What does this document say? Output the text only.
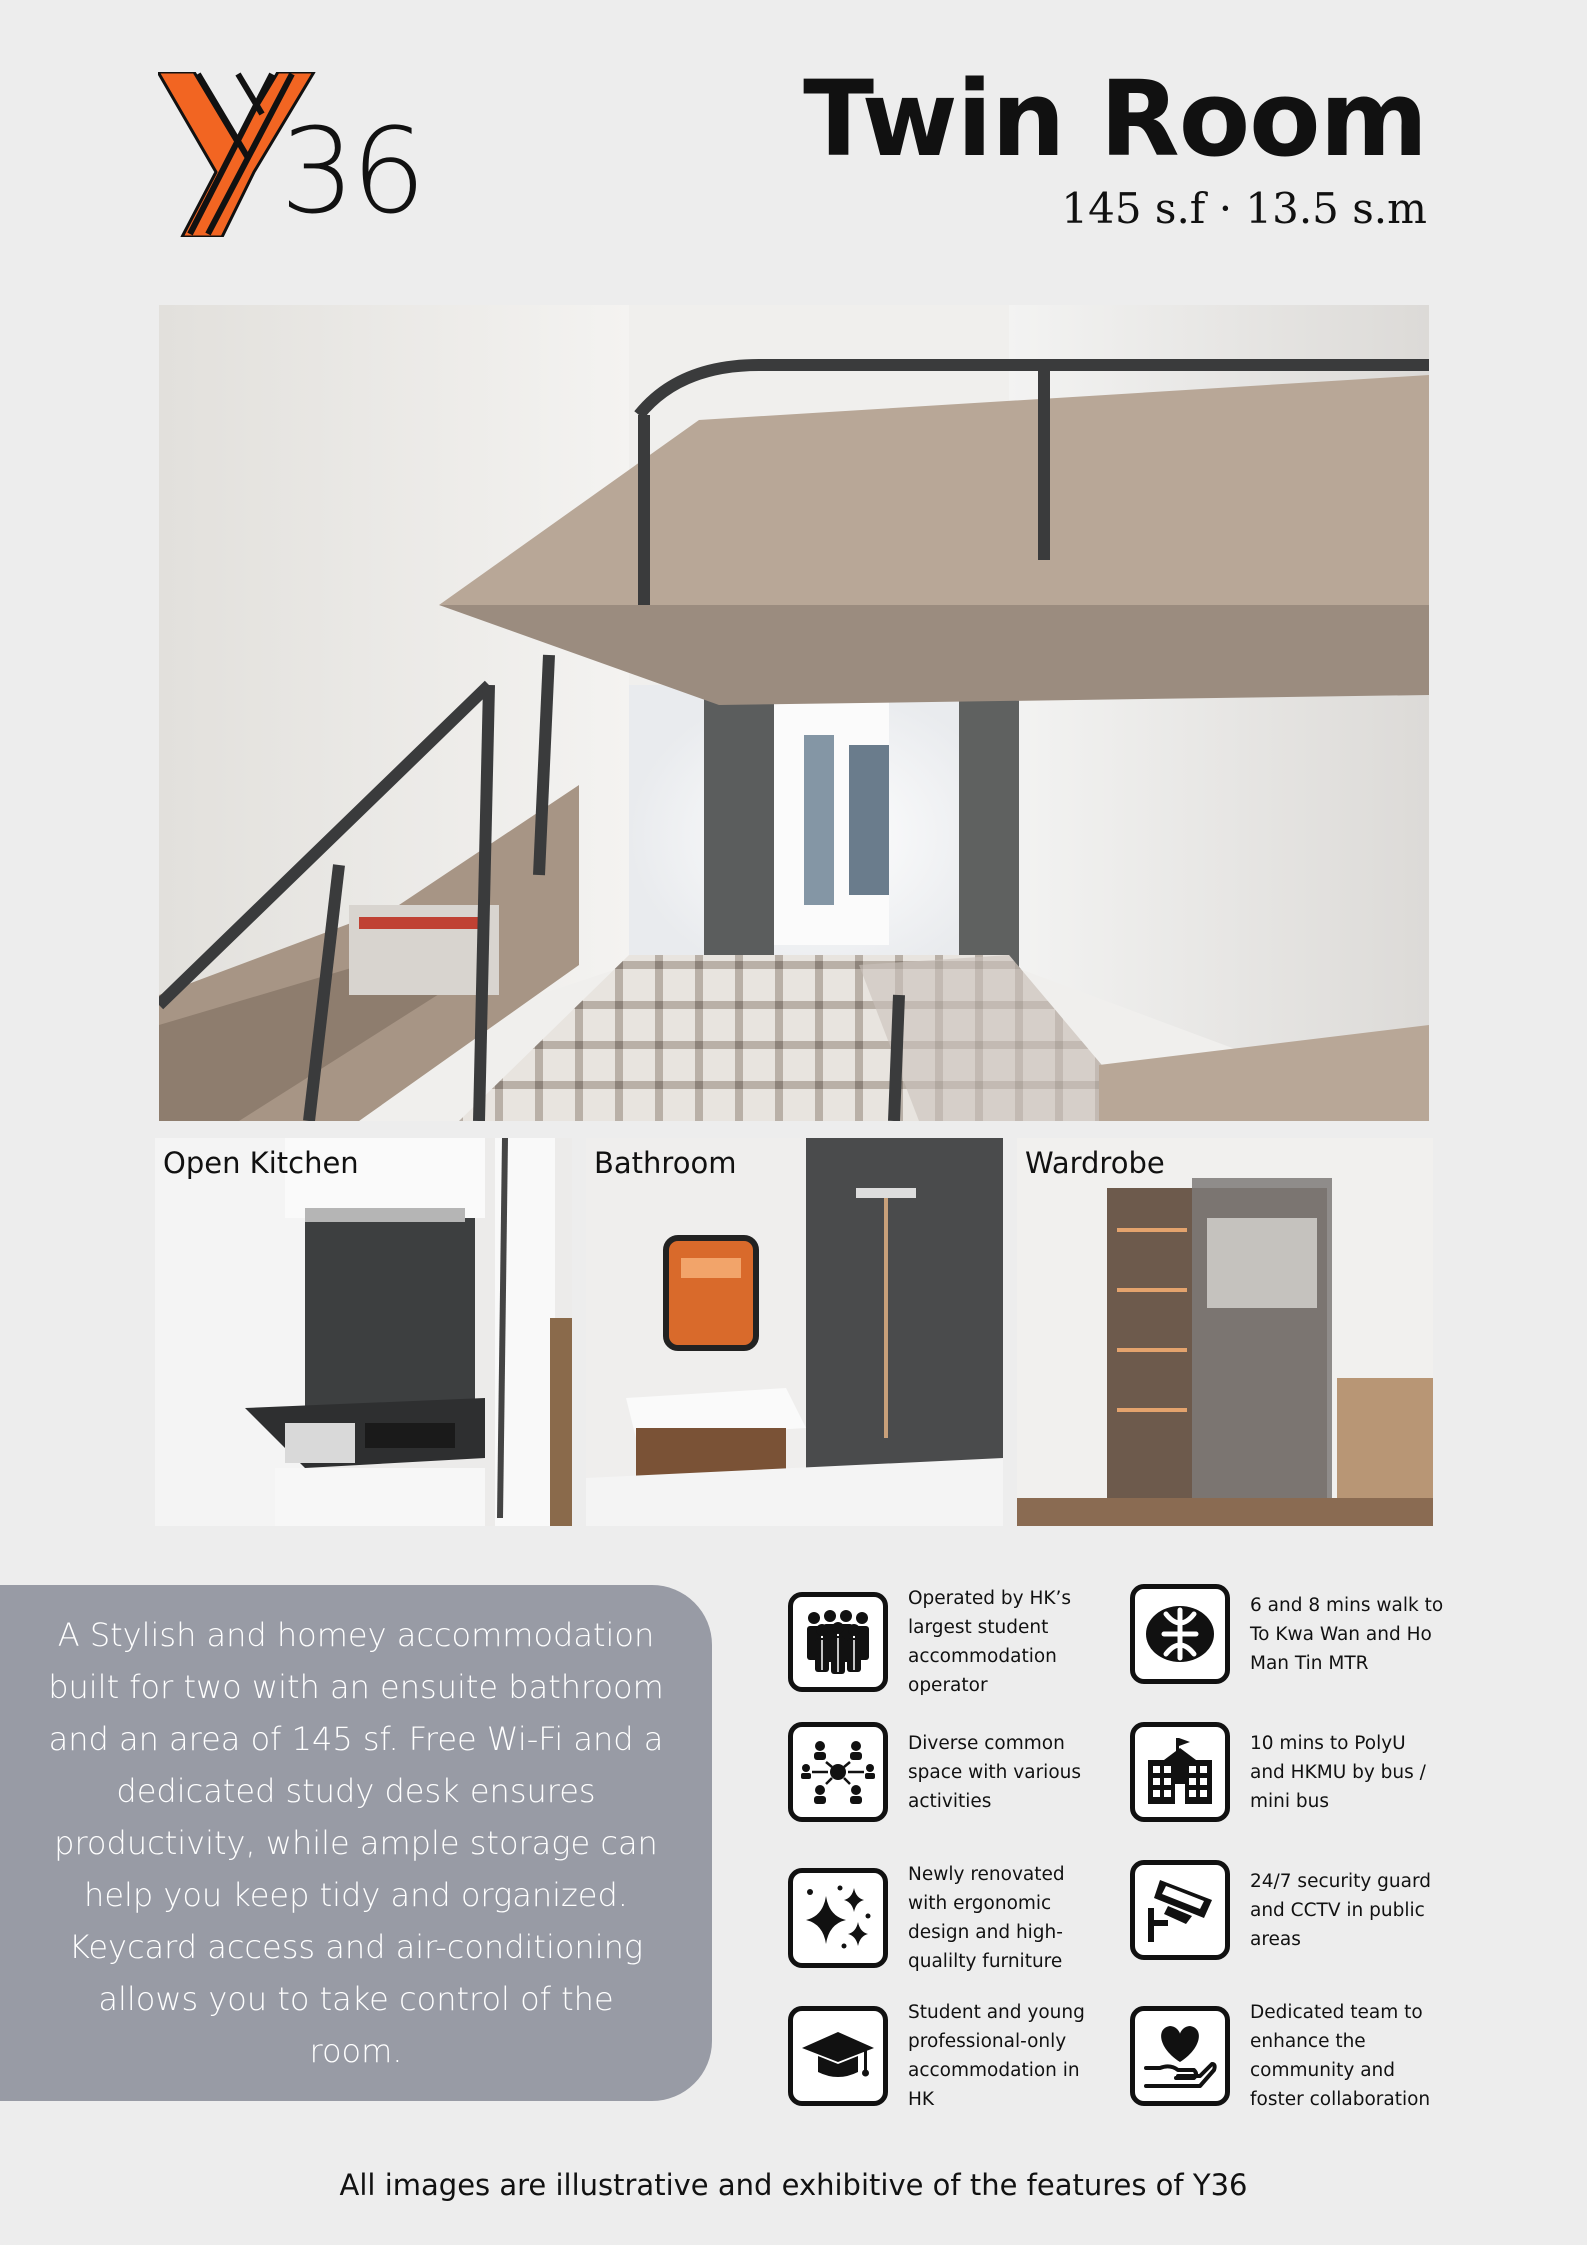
36	Twin Room
145 s.f · 13.5 s.m
Open Kitchen	Bathroom	Wardrobe

A Stylish and homey accommodation built for two with an ensuite bathroom and an area of 145 sf. Free Wi-Fi and a dedicated study desk ensures productivity, while ample storage can help you keep tidy and organized. Keycard access and air-conditioning allows you to take control of the room.

Operated by HK’s largest student accommodation operator
6 and 8 mins walk to To Kwa Wan and Ho Man Tin MTR
Diverse common space with various activities
10 mins to PolyU and HKMU by bus / mini bus
Newly renovated with ergonomic design and high-qualilty furniture
24/7 security guard and CCTV in public areas
Student and young professional-only accommodation in HK
Dedicated team to enhance the community and foster collaboration
All images are illustrative and exhibitive of the features of Y36
